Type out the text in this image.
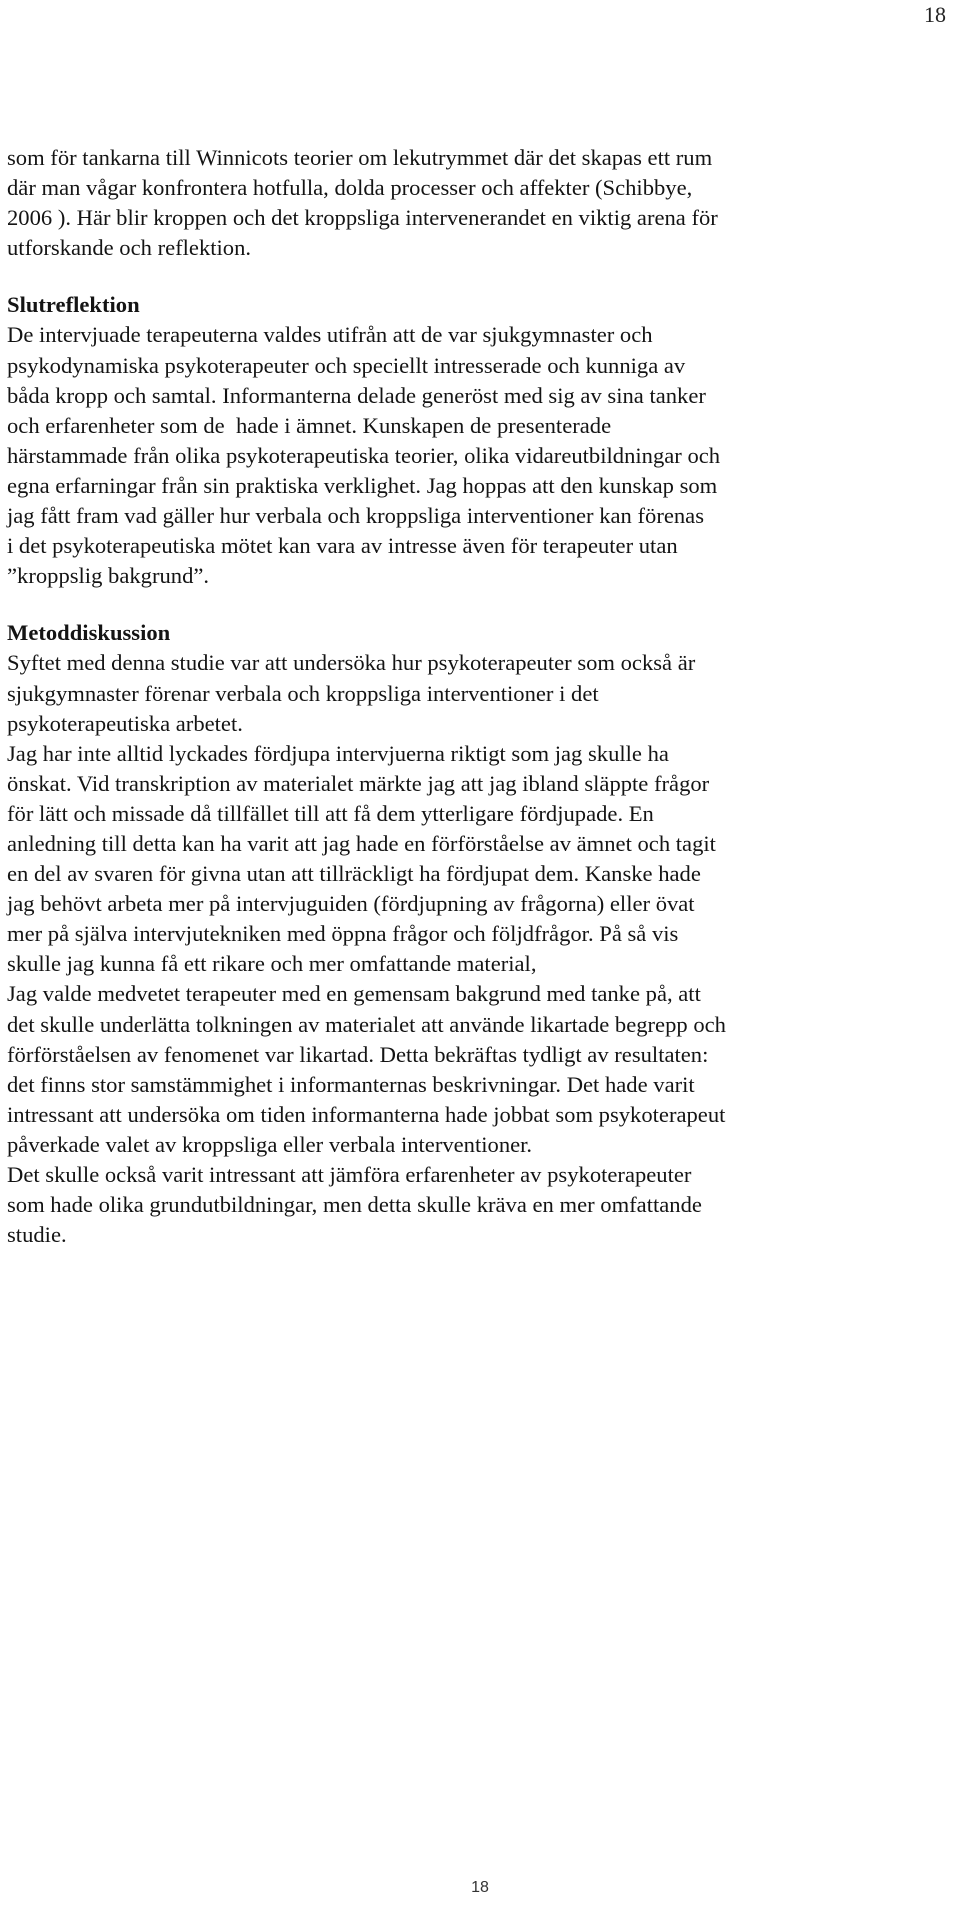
18
som för tankarna till Winnicots teorier om lekutrymmet där det skapas ett rum
där man vågar konfrontera hotfulla, dolda processer och affekter (Schibbye,
2006 ). Här blir kroppen och det kroppsliga intervenerandet en viktig arena för
utforskande och reflektion.
Slutreflektion
De intervjuade terapeuterna valdes utifrån att de var sjukgymnaster och
psykodynamiska psykoterapeuter och speciellt intresserade och kunniga av
båda kropp och samtal. Informanterna delade generöst med sig av sina tanker
och erfarenheter som de  hade i ämnet. Kunskapen de presenterade
härstammade från olika psykoterapeutiska teorier, olika vidareutbildningar och
egna erfarningar från sin praktiska verklighet. Jag hoppas att den kunskap som
jag fått fram vad gäller hur verbala och kroppsliga interventioner kan förenas
i det psykoterapeutiska mötet kan vara av intresse även för terapeuter utan
”kroppslig bakgrund”.
Metoddiskussion
Syftet med denna studie var att undersöka hur psykoterapeuter som också är
sjukgymnaster förenar verbala och kroppsliga interventioner i det
psykoterapeutiska arbetet.
Jag har inte alltid lyckades fördjupa intervjuerna riktigt som jag skulle ha
önskat. Vid transkription av materialet märkte jag att jag ibland släppte frågor
för lätt och missade då tillfället till att få dem ytterligare fördjupade. En
anledning till detta kan ha varit att jag hade en förförståelse av ämnet och tagit
en del av svaren för givna utan att tillräckligt ha fördjupat dem. Kanske hade
jag behövt arbeta mer på intervjuguiden (fördjupning av frågorna) eller övat
mer på själva intervjutekniken med öppna frågor och följdfrågor. På så vis
skulle jag kunna få ett rikare och mer omfattande material,
Jag valde medvetet terapeuter med en gemensam bakgrund med tanke på, att
det skulle underlätta tolkningen av materialet att använde likartade begrepp och
förförståelsen av fenomenet var likartad. Detta bekräftas tydligt av resultaten:
det finns stor samstämmighet i informanternas beskrivningar. Det hade varit
intressant att undersöka om tiden informanterna hade jobbat som psykoterapeut
påverkade valet av kroppsliga eller verbala interventioner.
Det skulle också varit intressant att jämföra erfarenheter av psykoterapeuter
som hade olika grundutbildningar, men detta skulle kräva en mer omfattande
studie.
18
